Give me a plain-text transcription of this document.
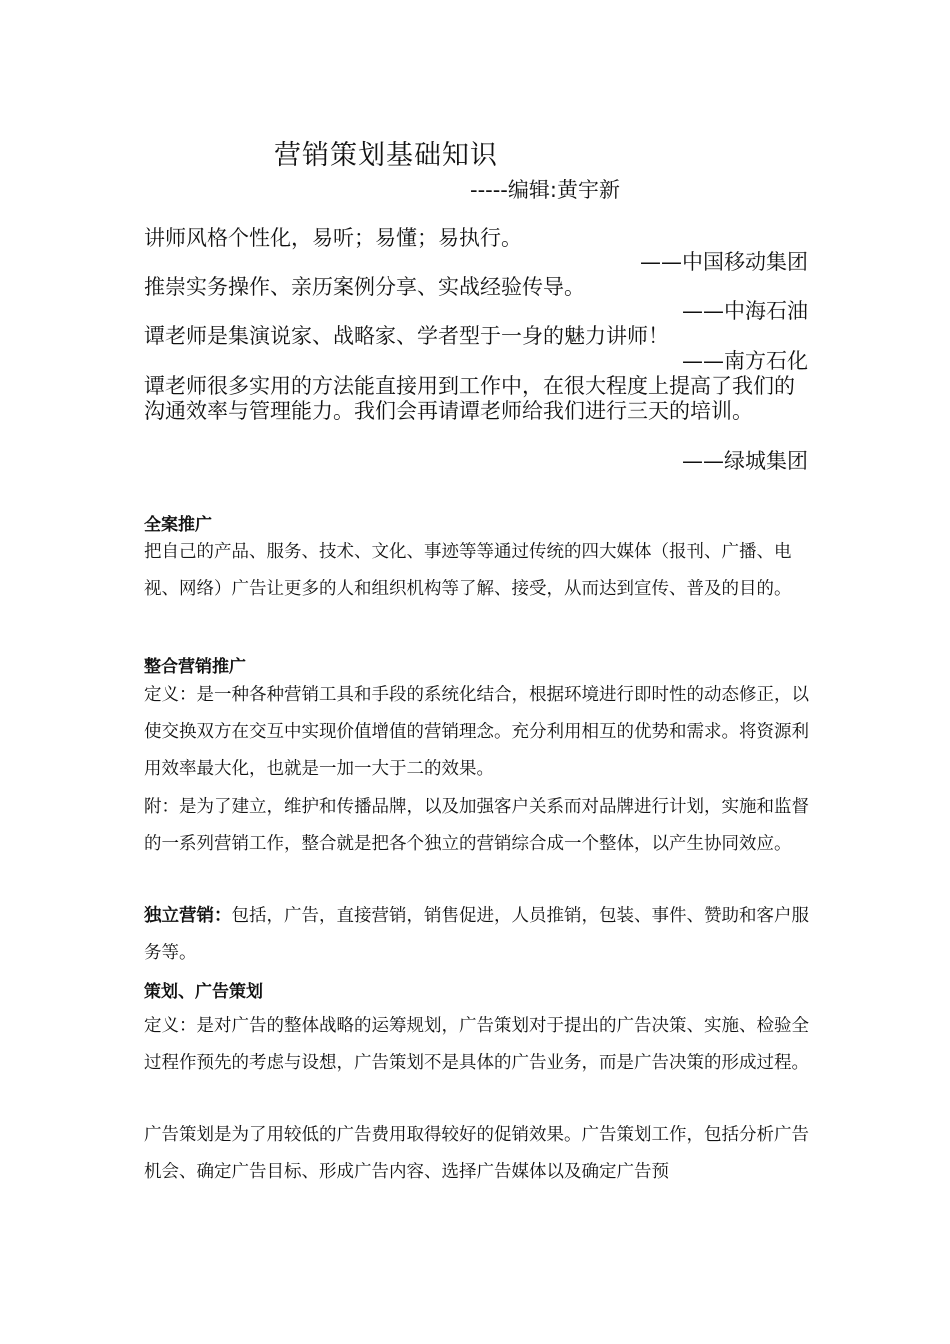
营销策划基础知识
-----编辑:黄宇新
讲师风格个性化，易听；易懂；易执行。
——中国移动集团
推崇实务操作、亲历案例分享、实战经验传导。
——中海石油
谭老师是集演说家、战略家、学者型于一身的魅力讲师！
——南方石化
谭老师很多实用的方法能直接用到工作中，在很大程度上提高了我们的沟通效率与管理能力。我们会再请谭老师给我们进行三天的培训。
——绿城集团
全案推广
把自己的产品、服务、技术、文化、事迹等等通过传统的四大媒体（报刊、广播、电视、网络）广告让更多的人和组织机构等了解、接受，从而达到宣传、普及的目的。
整合营销推广
定义：是一种各种营销工具和手段的系统化结合，根据环境进行即时性的动态修正，以使交换双方在交互中实现价值增值的营销理念。充分利用相互的优势和需求。将资源利用效率最大化，也就是一加一大于二的效果。
附：是为了建立，维护和传播品牌，以及加强客户关系而对品牌进行计划，实施和监督的一系列营销工作，整合就是把各个独立的营销综合成一个整体，以产生协同效应。
独立营销：包括，广告，直接营销，销售促进，人员推销，包装、事件、赞助和客户服务等。
策划、广告策划
定义：是对广告的整体战略的运筹规划，广告策划对于提出的广告决策、实施、检验全过程作预先的考虑与设想，广告策划不是具体的广告业务，而是广告决策的形成过程。
广告策划是为了用较低的广告费用取得较好的促销效果。广告策划工作，包括分析广告机会、确定广告目标、形成广告内容、选择广告媒体以及确定广告预
